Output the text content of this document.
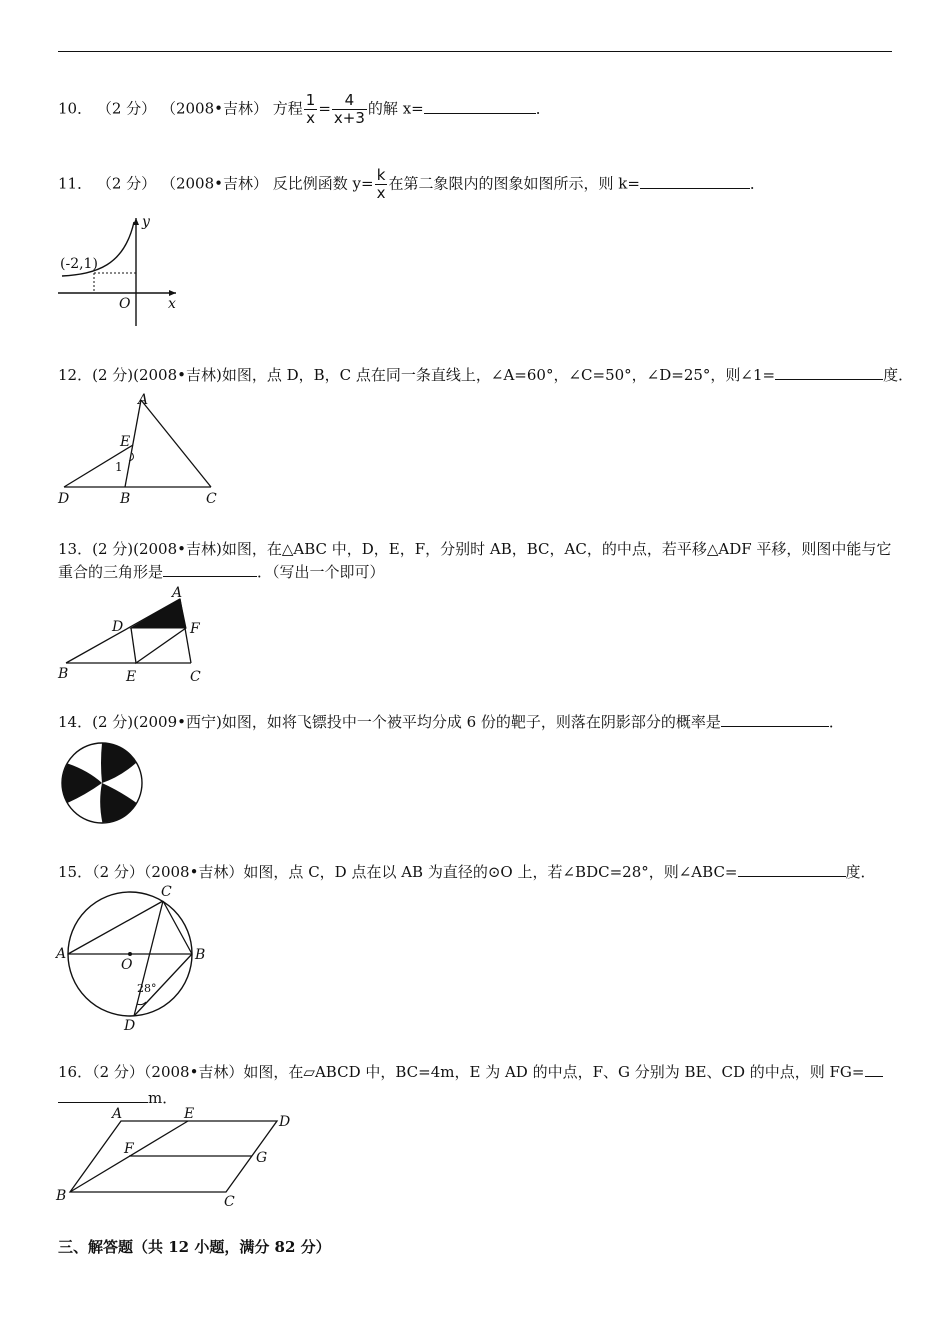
10． （2 分） （2008•吉林） 方程 $\frac{1}{x} = \frac{4}{x+3}$ 的解 x=	．
11． （2 分） （2008•吉林） 反比例函数 $y= \frac{k}{x}$ 在第二象限内的图象如图所示，则 k=	．
(-2,1)
y
x
O
12．(2 分)(2008•吉林)如图，点 D，B，C 点在同一条直线上，∠A=60°，∠C=50°，∠D=25°，则∠1=	度．
A
E
1
D	B	C
13．(2 分)(2008•吉林)如图，在△ABC 中，D，E，F，分别时 AB，BC，AC，的中点，若平移△ADF 平移，则图中能与它
重合的三角形是	．（写出一个即可）
A
D	F
B	E	C
14．(2 分)(2009•西宁)如图，如将飞镖投中一个被平均分成 6 份的靶子，则落在阴影部分的概率是	．
15．（2 分）（2008•吉林）如图，点 C，D 点在以 AB 为直径的⊙O 上，若∠BDC=28°，则∠ABC=	度．
C
A
O
B
D
28°
16．（2 分）（2008•吉林）如图，在▱ABCD 中，BC=4m，E 为 AD 的中点，F、G 分别为 BE、CD 的中点，则 FG=
m．
A	E	D
F
G
B	C
三、解答题（共 12 小题，满分 82 分）
